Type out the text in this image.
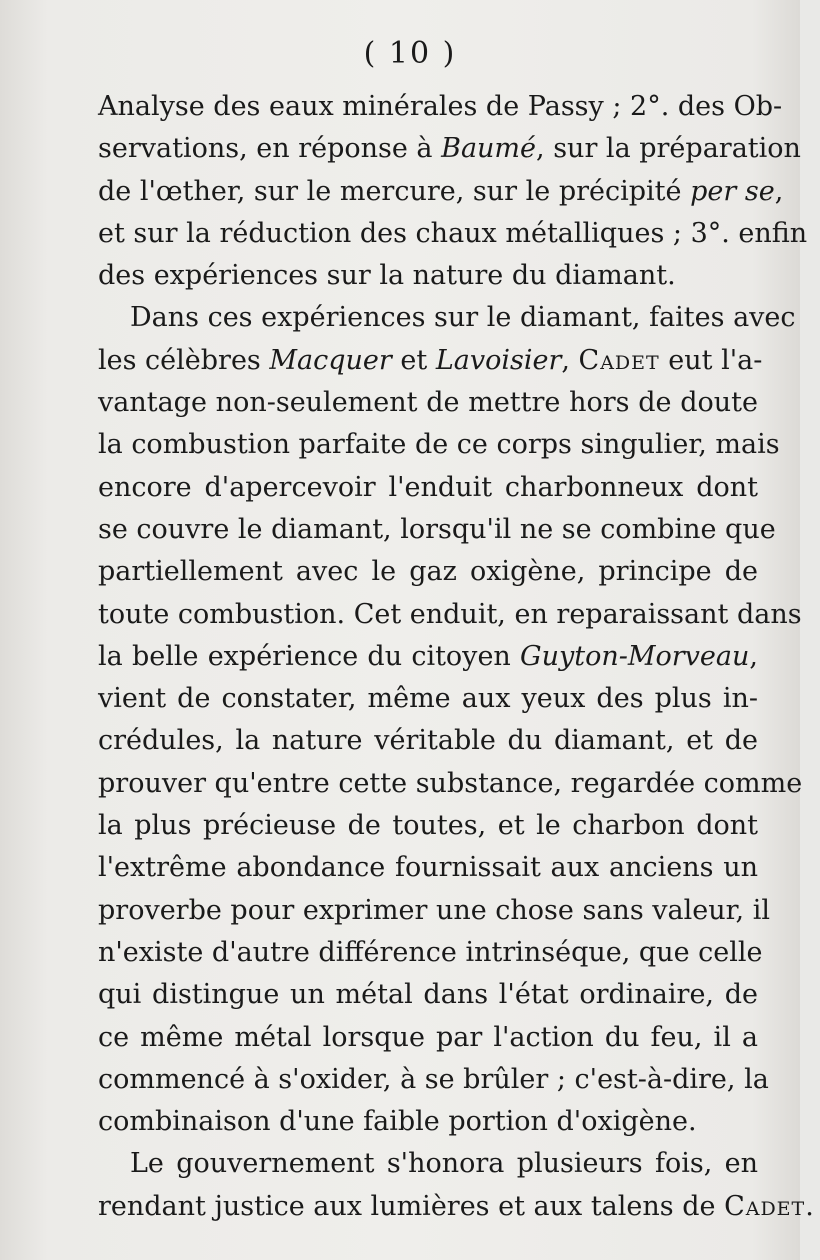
( 10 )
Analyse des eaux minérales de Passy ; 2°. des Ob-
servations, en réponse à Baumé, sur la préparation
de l'œther, sur le mercure, sur le précipité per se,
et sur la réduction des chaux métalliques ; 3°. enfin
des expériences sur la nature du diamant.
Dans ces expériences sur le diamant, faites avec
les célèbres Macquer et Lavoisier, Cadet eut l'a-
vantage non-seulement de mettre hors de doute
la combustion parfaite de ce corps singulier, mais
encore d'apercevoir l'enduit charbonneux dont
se couvre le diamant, lorsqu'il ne se combine que
partiellement avec le gaz oxigène, principe de
toute combustion. Cet enduit, en reparaissant dans
la belle expérience du citoyen Guyton-Morveau,
vient de constater, même aux yeux des plus in-
crédules, la nature véritable du diamant, et de
prouver qu'entre cette substance, regardée comme
la plus précieuse de toutes, et le charbon dont
l'extrême abondance fournissait aux anciens un
proverbe pour exprimer une chose sans valeur, il
n'existe d'autre différence intrinséque, que celle
qui distingue un métal dans l'état ordinaire, de
ce même métal lorsque par l'action du feu, il a
commencé à s'oxider, à se brûler ; c'est-à-dire, la
combinaison d'une faible portion d'oxigène.
Le gouvernement s'honora plusieurs fois, en
rendant justice aux lumières et aux talens de Cadet.
